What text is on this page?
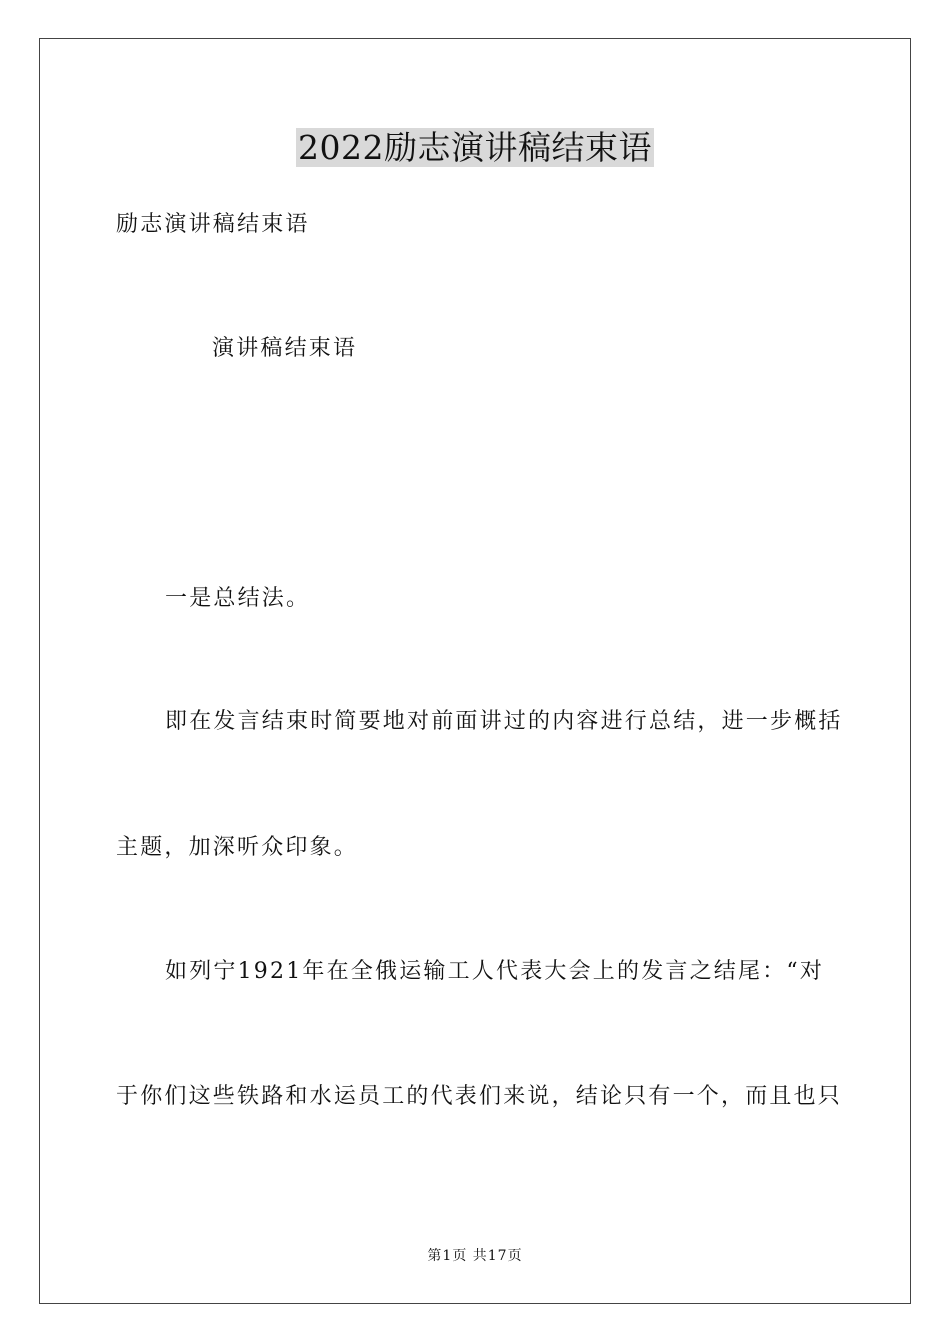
2022励志演讲稿结束语
励志演讲稿结束语
演讲稿结束语
一是总结法。
即在发言结束时简要地对前面讲过的内容进行总结，进一步概括
主题，加深听众印象。
如列宁1921年在全俄运输工人代表大会上的发言之结尾：“对
于你们这些铁路和水运员工的代表们来说，结论只有一个，而且也只
第1页 共17页
